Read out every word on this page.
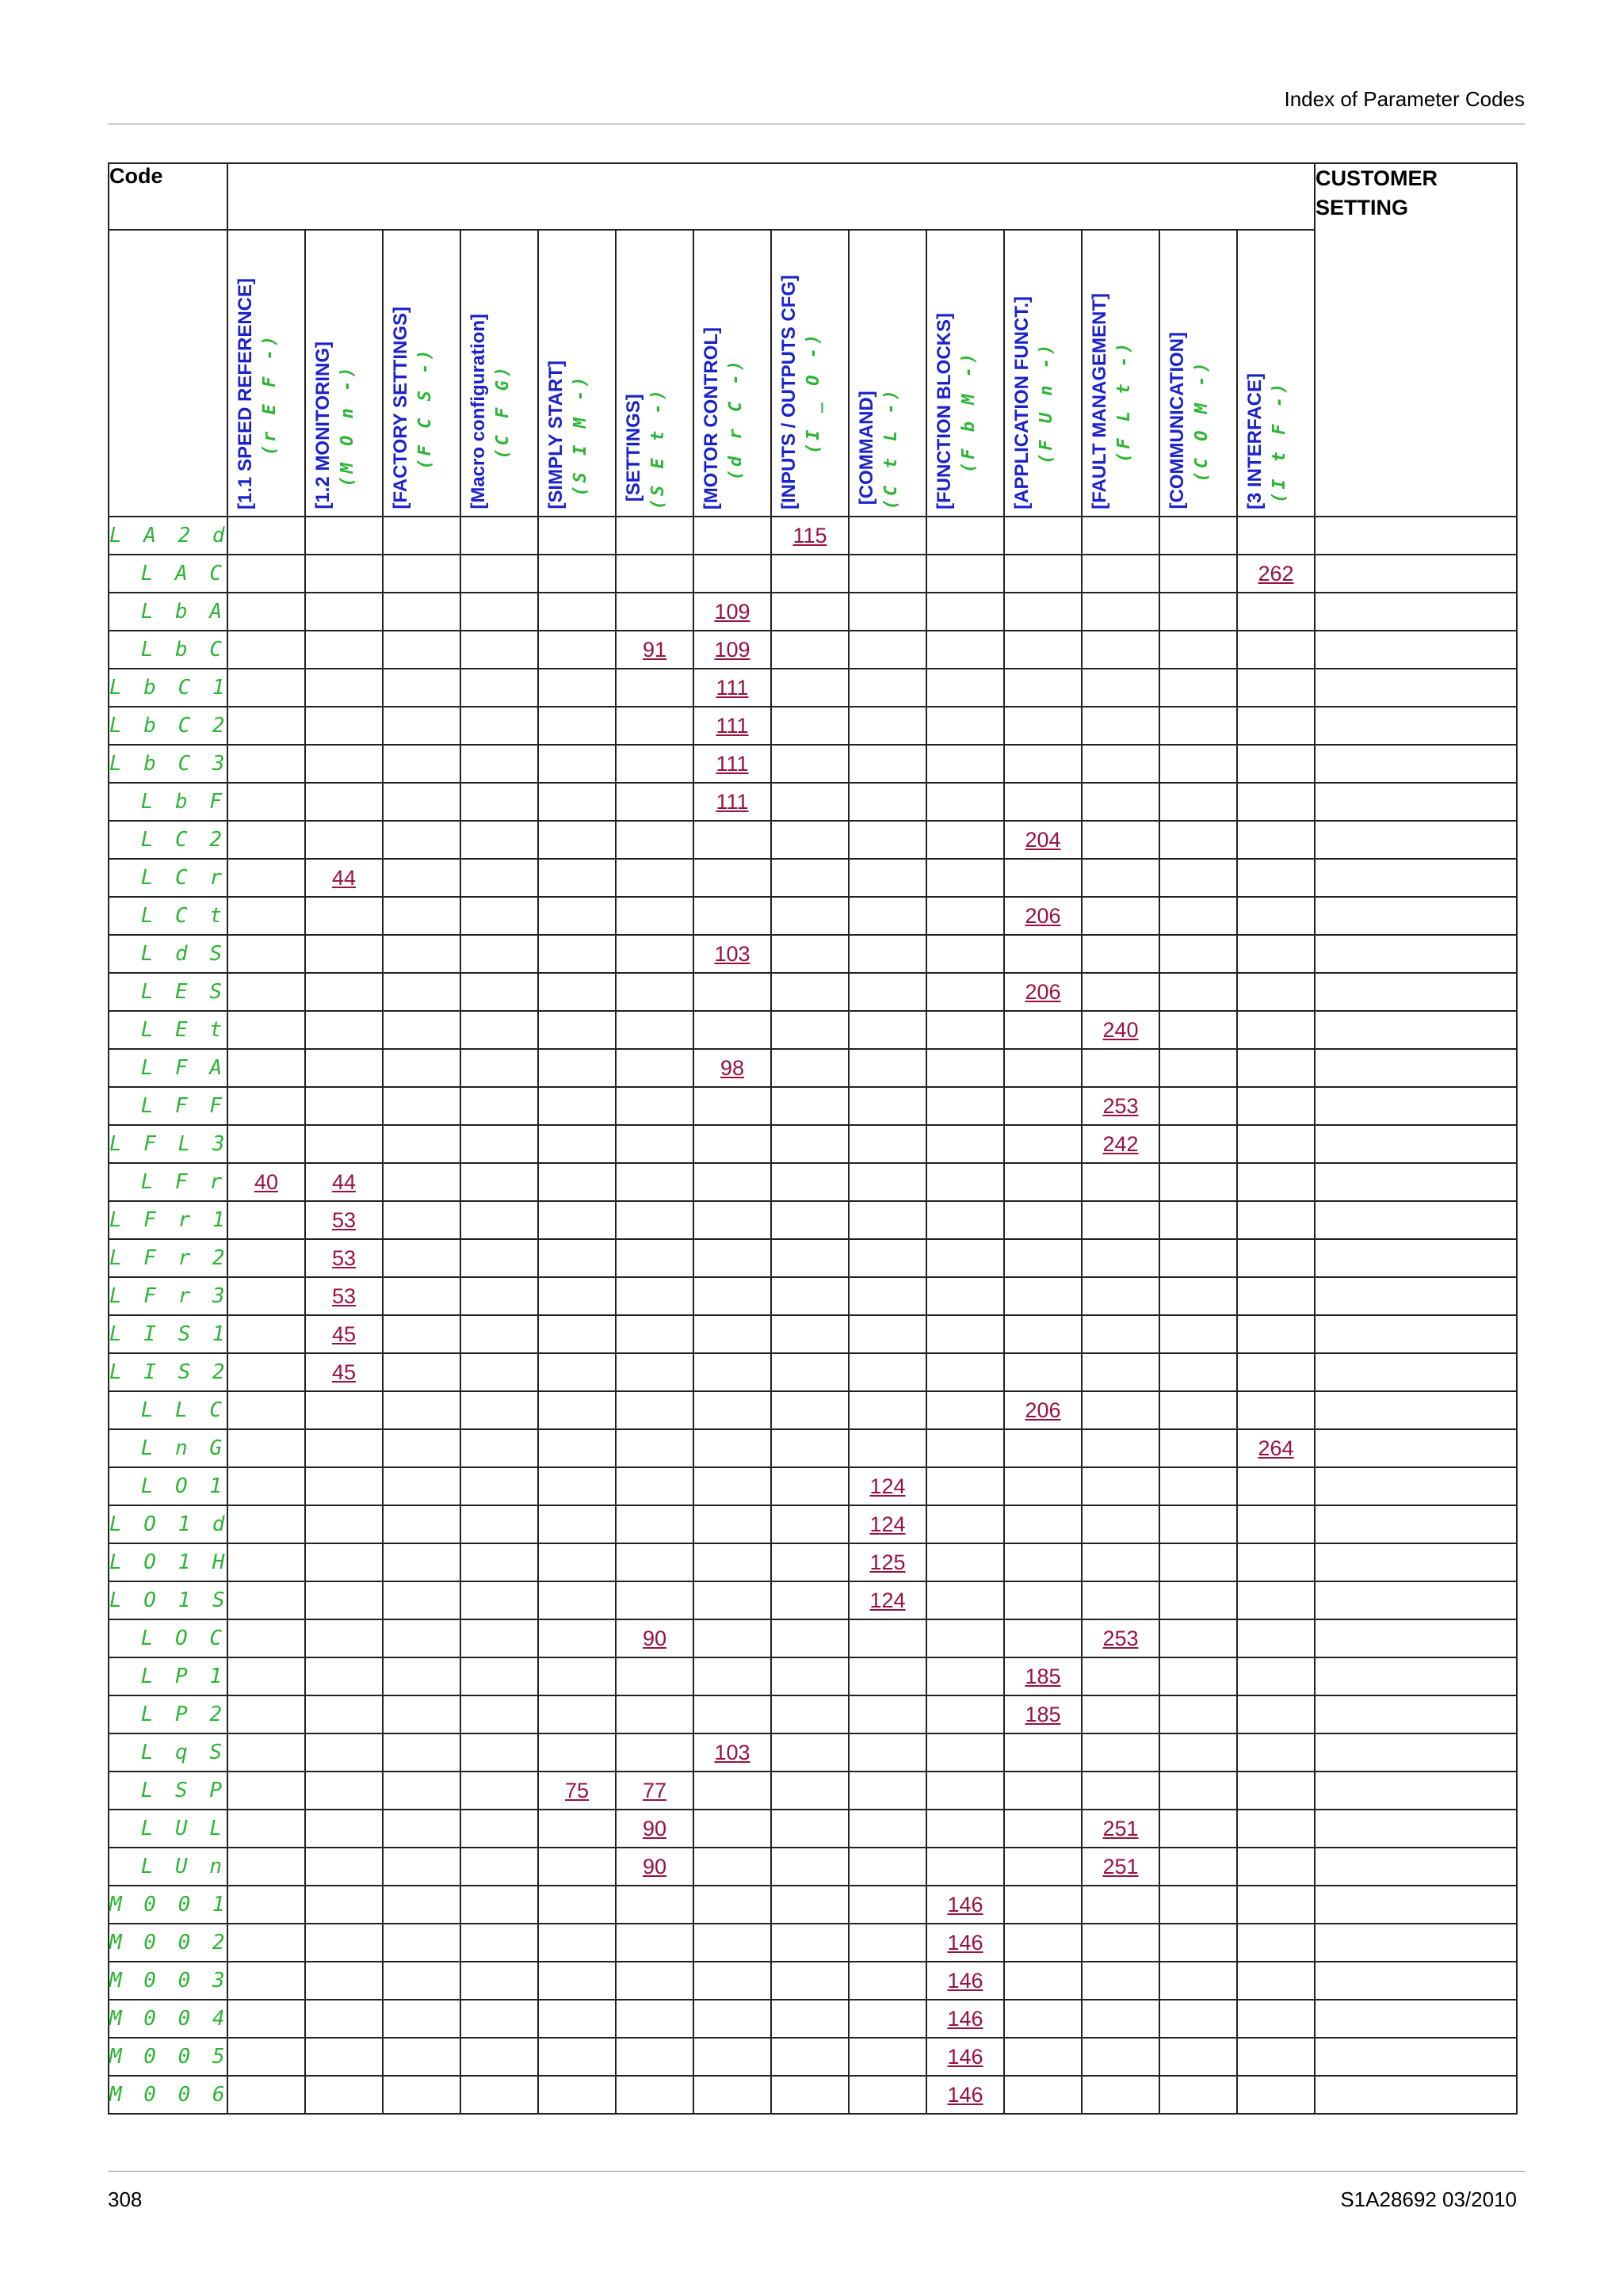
Index of Parameter Codes
Code															CUSTOMER
SETTING

	[1.1 SPEED REFERENCE] (r E F -)	[1.2 MONITORING] (M O n -)	[FACTORY SETTINGS] (F C S -)	[Macro configuration] (C F G)	[SIMPLY START] (S I M -)	[SETTINGS] (S E t -)	[MOTOR CONTROL] (d r C -)	[INPUTS / OUTPUTS CFG] (I _ O -)	[COMMAND] (C t L -)	[FUNCTION BLOCKS] (F b M -)	[APPLICATION FUNCT.] (F U n -)	[FAULT MANAGEMENT] (F L t -)	[COMMUNICATION] (C O M -)	[3 INTERFACE] (I t F -)	

L A 2 d								115							
L A C														262	
L b A							109								
L b C						91	109								
L b C 1							111								
L b C 2							111								
L b C 3							111								
L b F							111								
L C 2											204				
L C r		44													
L C t											206				
L d S							103								
L E S											206				
L E t												240			
L F A							98								
L F F												253			
L F L 3												242			
L F r	40	44													
L F r 1		53													
L F r 2		53													
L F r 3		53													
L I S 1		45													
L I S 2		45													
L L C											206				
L n G														264	
L O 1									124						
L O 1 d									124						
L O 1 H									125						
L O 1 S									124						
L O C						90						253			
L P 1											185				
L P 2											185				
L q S							103								
L S P					75	77									
L U L						90						251			
L U n						90						251			
M 0 0 1										146					
M 0 0 2										146					
M 0 0 3										146					
M 0 0 4										146					
M 0 0 5										146					
M 0 0 6										146					
308	S1A28692 03/2010
